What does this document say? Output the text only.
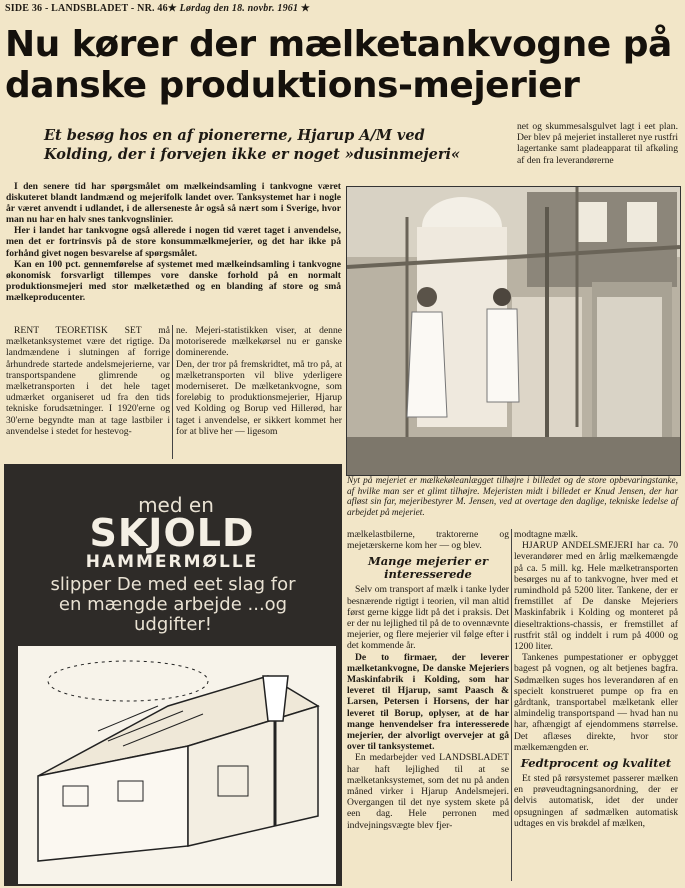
SIDE 36 - LANDSBLADET - NR. 46★ Lørdag den 18. novbr. 1961 ★
Nu kører der mælketankvogne på danske produktions-mejerier
Et besøg hos en af pionererne, Hjarup A/M ved Kolding, der i forvejen ikke er noget »dusinmejeri«

I den senere tid har spørgsmålet om mælkeindsamling i tankvogne været diskuteret blandt landmænd og mejerifolk landet over. Tanksystemet har i nogle år været anvendt i udlandet, i de allerseneste år også så nært som i Sverige, hvor man nu har en halv snes tankvognslinier.

Her i landet har tankvogne også allerede i nogen tid været taget i anvendelse, men det er fortrinsvis på de store konsummælkmejerier, og det har ikke på forhånd givet nogen besvarelse af spørgsmålet.

Kan en 100 pct. gennemførelse af systemet med mælkeindsamling i tankvogne økonomisk forsvarligt tillempes vore danske forhold på en normalt produktionsmejeri med stor mælketæthed og en blanding af store og små mælkeproducenter.

RENT TEORETISK SET må mælketanksystemet være det rigtige. Da landmændene i slutningen af forrige århundrede startede andelsmejerierne, var transportspandene glimrende og mælketransporten i det hele taget udmærket organiseret ud fra den tids tekniske forudsætninger. I 1920'erne og 30'erne begyndte man at tage lastbiler i anvendelse i stedet for hestevog-

ne. Mejeri-statistikken viser, at denne motoriserede mælkekørsel nu er ganske dominerende.
Den, der tror på fremskridtet, må tro på, at mælketransporten vil blive yderligere moderniseret. De mælketankvogne, som foreløbig to produktionsmejerier, Hjarup ved Kolding og Borup ved Hillerød, har taget i anvendelse, er sikkert kommet her for at blive her — ligesom

net og skummesalsgulvet lagt i eet plan. Der blev på mejeriet installeret nye rustfri lagertanke samt pladeapparat til afkøling af den fra leverandørerne

Nyt på mejeriet er mælkekøleanlægget tilhøjre i billedet og de store opbevaringstanke, af hvilke man ser et glimt tilhøjre. Mejeristen midt i billedet er Knud Jensen, der har afløst sin far, mejeribestyrer M. Jensen, ved at overtage den daglige, tekniske ledelse af arbejdet på mejeriet.
med en
SKJOLD
HAMMERMØLLE
slipper De med eet slag for en mængde arbejde ...og udgifter!

mælkelastbilerne, traktorerne og mejetærskerne kom her — og blev.

Mange mejerier er interesserede

Selv om transport af mælk i tanke lyder besnærende rigtigt i teorien, vil man altid først gerne kigge lidt på det i praksis. Det er der nu lejlighed til på de to ovennævnte mejerier, og flere mejerier vil følge efter i det kommende år.

De to firmaer, der leverer mælketankvogne, De danske Mejeriers Maskinfabrik i Kolding, som har leveret til Hjarup, samt Paasch & Larsen, Petersen i Horsens, der har leveret til Borup, oplyser, at de har mange henvendelser fra interesserede mejerier, der alvorligt overvejer at gå over til tanksystemet.

En medarbejder ved LANDSBLADET har haft lejlighed til at se mælketanksystemet, som det nu på anden måned virker i Hjarup Andelsmejeri. Overgangen til det nye system skete på een dag. Hele perronen med indvejningsvægte blev fjer-

modtagne mælk.

HJARUP ANDELSMEJERI har ca. 70 leverandører med en årlig mælkemængde på ca. 5 mill. kg. Hele mælketransporten besørges nu af to tankvogne, hver med et rumindhold på 5200 liter. Tankene, der er fremstillet af De danske Mejeriers Maskinfabrik i Kolding og monteret på dieseltraktions-chassis, er fremstillet af rustfrit stål og inddelt i rum på 4000 og 1200 liter.

Tankenes pumpestationer er opbygget bagest på vognen, og alt betjenes bagfra. Sødmælken suges hos leverandøren af en specielt konstrueret pumpe op fra en gårdtank, transportabel mælketank eller almindelig transportspand — hvad han nu har, afhængigt af ejendommens størrelse. Det aflæses direkte, hvor stor mælkemængden er.

Fedtprocent og kvalitet

Et sted på rørsystemet passerer mælken en prøveudtagningsanordning, der er delvis automatisk, idet der under opsugningen af sødmælken automatisk udtages en vis brøkdel af mælken,
